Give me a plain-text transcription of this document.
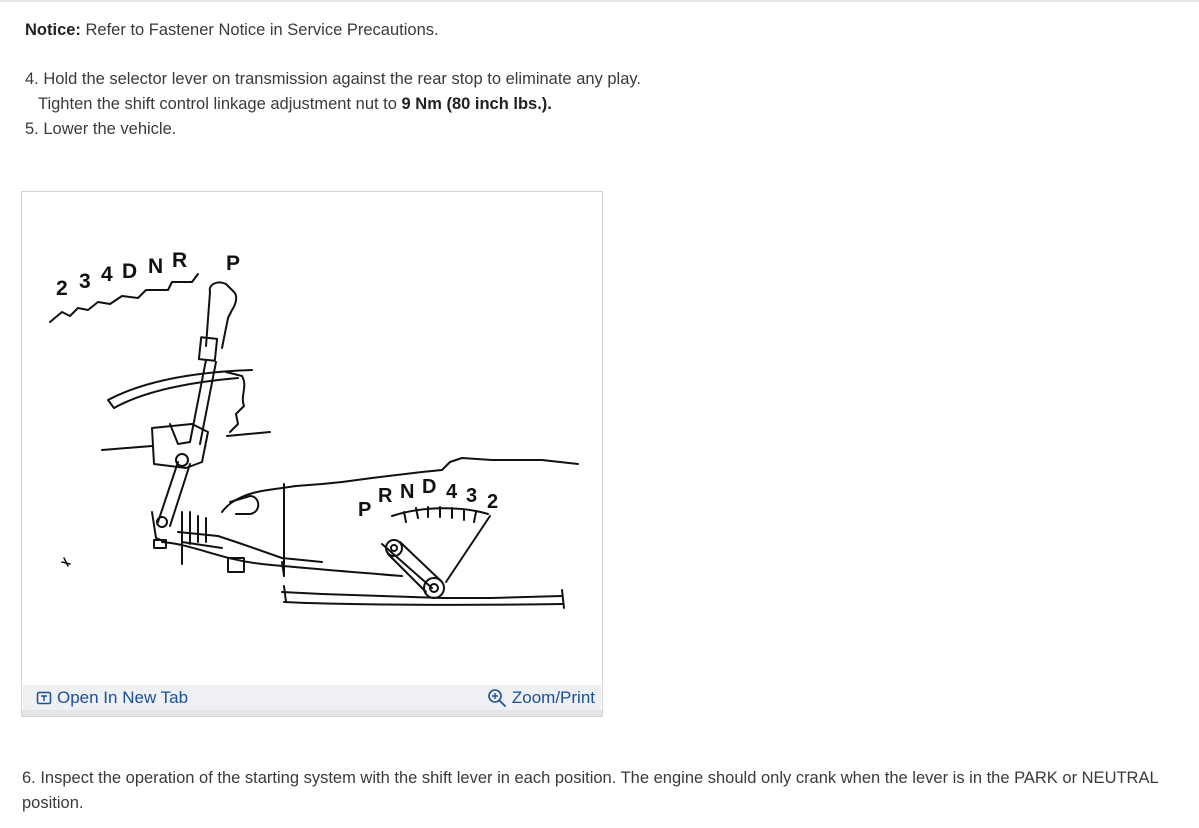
Notice: Refer to Fastener Notice in Service Precautions.

4. Hold the selector lever on transmission against the rear stop to eliminate any play.

Tighten the shift control linkage adjustment nut to 9 Nm (80 inch lbs.).

5. Lower the vehicle.

2 3 4 D N R P
P
R N D 4 3 2
Open In New Tab	Zoom/Print

6. Inspect the operation of the starting system with the shift lever in each position. The engine should only crank when the lever is in the PARK or NEUTRAL position.
